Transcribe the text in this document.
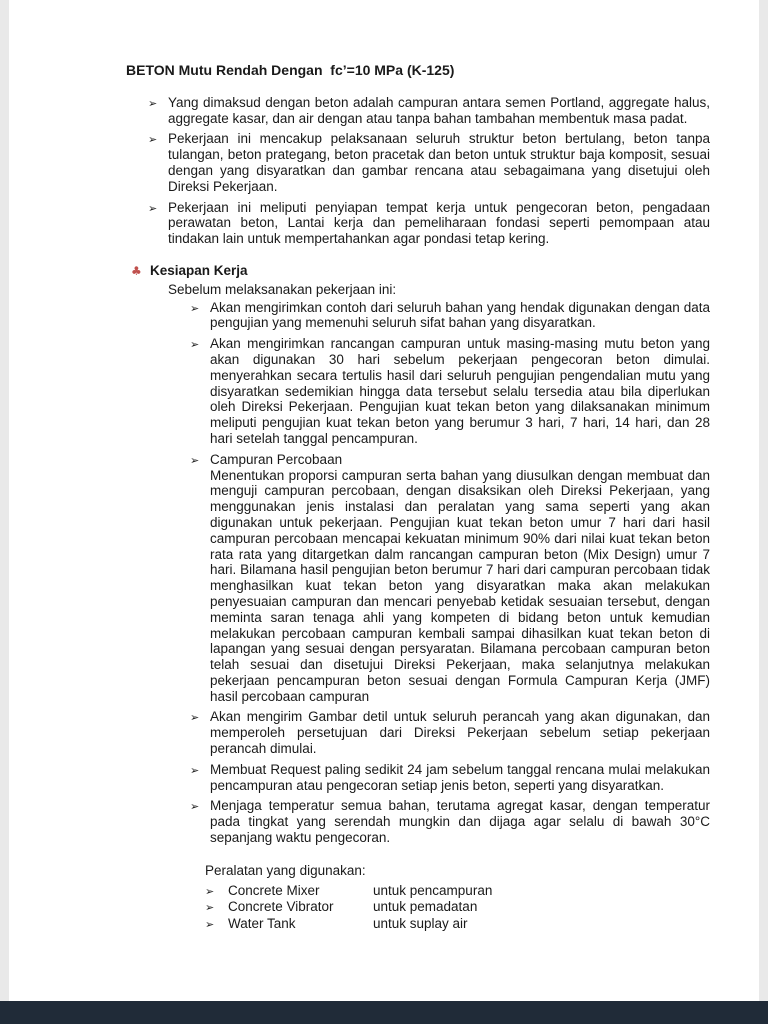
BETON Mutu Rendah Dengan  fc’=10 MPa (K-125)
➢ Yang dimaksud dengan beton adalah campuran antara semen Portland, aggregate halus, aggregate kasar, dan air dengan atau tanpa bahan tambahan membentuk masa padat.
➢ Pekerjaan ini mencakup pelaksanaan seluruh struktur beton bertulang, beton tanpa tulangan, beton prategang, beton pracetak dan beton untuk struktur baja komposit, sesuai dengan yang disyaratkan dan gambar rencana atau sebagaimana yang disetujui oleh Direksi Pekerjaan.
➢ Pekerjaan ini meliputi penyiapan tempat kerja untuk pengecoran beton, pengadaan perawatan beton, Lantai kerja dan pemeliharaan fondasi seperti pemompaan atau tindakan lain untuk mempertahankan agar pondasi tetap kering.
♣ Kesiapan Kerja
Sebelum melaksanakan pekerjaan ini:
➢ Akan mengirimkan contoh dari seluruh bahan yang hendak digunakan dengan data pengujian yang memenuhi seluruh sifat bahan yang disyaratkan.
➢ Akan mengirimkan rancangan campuran untuk masing-masing mutu beton yang akan digunakan 30 hari sebelum pekerjaan pengecoran beton dimulai. menyerahkan secara tertulis hasil dari seluruh pengujian pengendalian mutu yang disyaratkan sedemikian hingga data tersebut selalu tersedia atau bila diperlukan oleh Direksi Pekerjaan. Pengujian kuat tekan beton yang dilaksanakan minimum meliputi pengujian kuat tekan beton yang berumur 3 hari, 7 hari, 14 hari, dan 28 hari setelah tanggal pencampuran.
➢ Campuran Percobaan
Menentukan proporsi campuran serta bahan yang diusulkan dengan membuat dan menguji campuran percobaan, dengan disaksikan oleh Direksi Pekerjaan, yang menggunakan jenis instalasi dan peralatan yang sama seperti yang akan digunakan untuk pekerjaan. Pengujian kuat tekan beton umur 7 hari dari hasil campuran percobaan mencapai kekuatan minimum 90% dari nilai kuat tekan beton rata rata yang ditargetkan dalm rancangan campuran beton (Mix Design) umur 7 hari. Bilamana hasil pengujian beton berumur 7 hari dari campuran percobaan tidak menghasilkan kuat tekan beton yang disyaratkan maka akan melakukan penyesuaian campuran dan mencari penyebab ketidak sesuaian tersebut, dengan meminta saran tenaga ahli yang kompeten di bidang beton untuk kemudian melakukan percobaan campuran kembali sampai dihasilkan kuat tekan beton di lapangan yang sesuai dengan persyaratan. Bilamana percobaan campuran beton telah sesuai dan disetujui Direksi Pekerjaan, maka selanjutnya melakukan pekerjaan pencampuran beton sesuai dengan Formula Campuran Kerja (JMF) hasil percobaan campuran
➢ Akan mengirim Gambar detil untuk seluruh perancah yang akan digunakan, dan memperoleh persetujuan dari Direksi Pekerjaan sebelum setiap pekerjaan perancah dimulai.
➢ Membuat Request paling sedikit 24 jam sebelum tanggal rencana mulai melakukan pencampuran atau pengecoran setiap jenis beton, seperti yang disyaratkan.
➢ Menjaga temperatur semua bahan, terutama agregat kasar, dengan temperatur pada tingkat yang serendah mungkin dan dijaga agar selalu di bawah 30°C sepanjang waktu pengecoran.
Peralatan yang digunakan:
➢	Concrete Mixer	untuk pencampuran
➢	Concrete Vibrator	untuk pemadatan
➢	Water Tank	untuk suplay air
